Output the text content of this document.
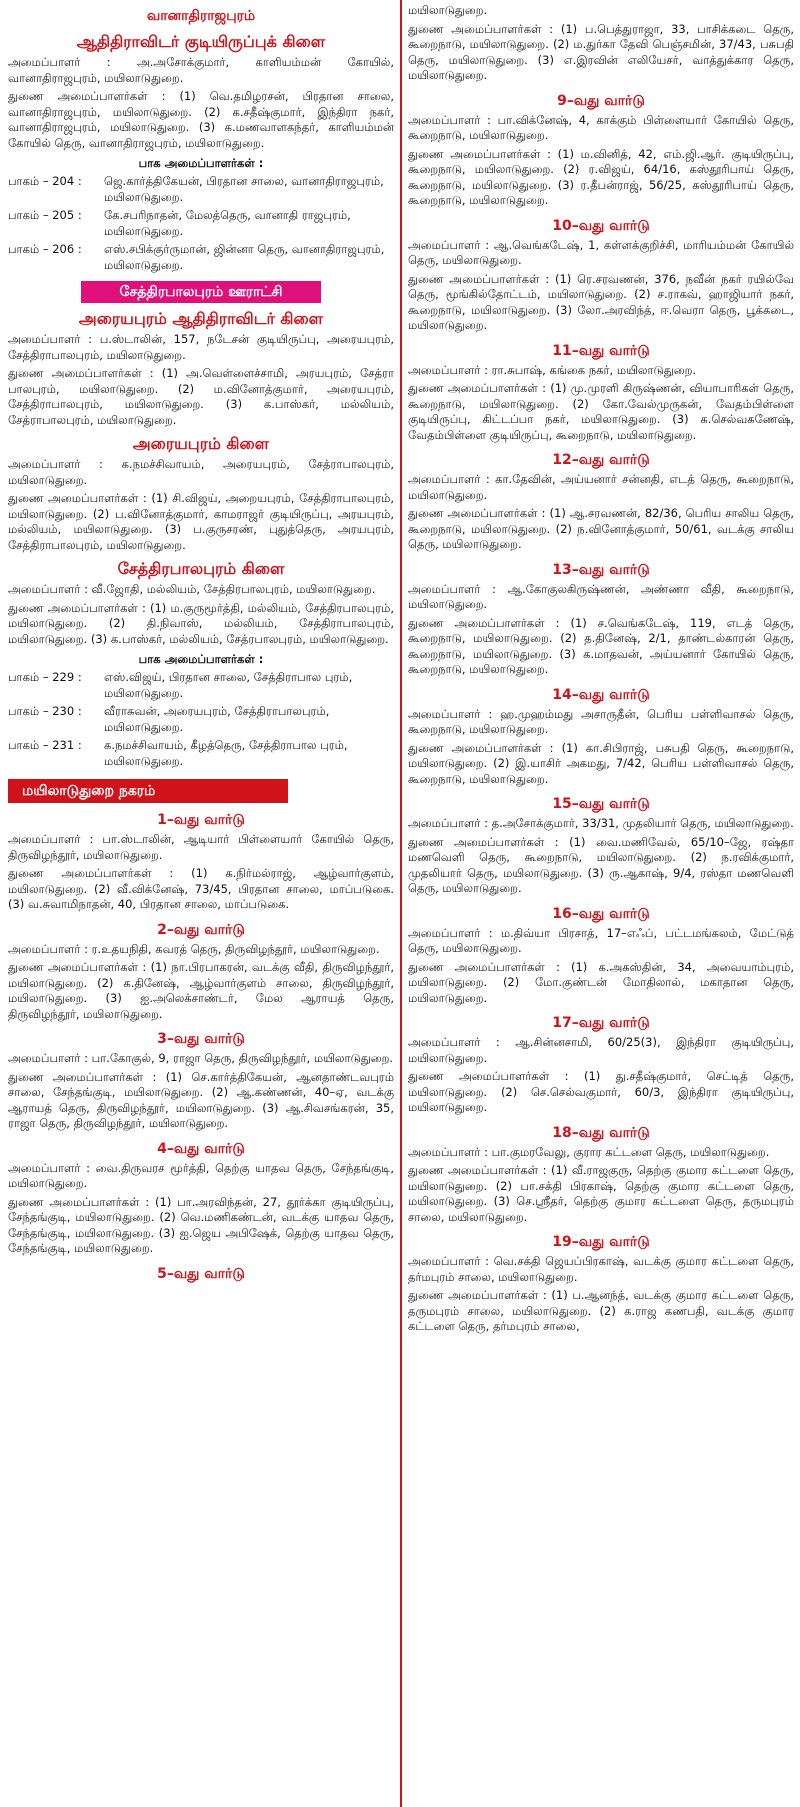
வானாதிராஜபுரம்
ஆதிதிராவிடர் குடியிருப்புக் கிளை

அமைப்பாளர் : அ.அசோக்குமார், காளியம்மன் கோயில், வானாதிராஜபுரம், மயிலாடுதுறை.

துணை அமைப்பாளர்கள் : (1) வெ.தமிழரசன், பிரதான சாலை, வானாதிராஜபுரம், மயிலாடுதுறை. (2) க.சதீஷ்குமார், இந்திரா நகர், வானாதிராஜபுரம், மயிலாடுதுறை. (3) க.மணவாளகந்தர், காளியம்மன் கோயில் தெரு, வானாதிராஜபுரம், மயிலாடுதுறை.

பாக அமைப்பாளர்கள் :
பாகம் – 204 :	ஜெ.கார்த்திகேயன், பிரதான சாலை, வானாதிராஜபுரம், மயிலாடுதுறை.
பாகம் – 205 :	கே.சபரிநாதன், மேலத்தெரு, வானாதி ராஜபுரம், மயிலாடுதுறை.
பாகம் – 206 :	எஸ்.சபிக்குர்ருமான், ஜின்னா தெரு, வானாதிராஜபுரம், மயிலாடுதுறை.
சேத்திரபாலபுரம் ஊராட்சி
அரையபுரம் ஆதிதிராவிடர் கிளை

அமைப்பாளர் : ப.ஸ்டாலின், 157, நடேசன் குடியிருப்பு, அரையபுரம், சேத்திராபாலபுரம், மயிலாடுதுறை.

துணை அமைப்பாளர்கள் : (1) அ.வெள்ளைச்சாமி, அரயபுரம், சேத்ரா பாலபுரம், மயிலாடுதுறை. (2) ம.வினோத்குமார், அரையபுரம், சேத்திராபாலபுரம், மயிலாடுதுறை. (3) க.பாஸ்கர், மல்லியம், சேத்ராபாலபுரம், மயிலாடுதுறை.

அரையபுரம் கிளை

அமைப்பாளர் : க.நமச்சிவாயம், அரையபுரம், சேத்ராபாலபுரம், மயிலாடுதுறை.

துணை அமைப்பாளர்கள் : (1) சி.விஜய், அறையபுரம், சேத்திராபாலபுரம், மயிலாடுதுறை. (2) ப.வினோத்குமார், காமராஜர் குடியிருப்பு, அரயபுரம், மல்லியம், மயிலாடுதுறை. (3) ப.குருசரண், புதுத்தெரு, அரயபுரம், சேத்திராபாலபுரம், மயிலாடுதுறை.

சேத்திரபாலபுரம் கிளை

அமைப்பாளர் : வீ.ஜோதி, மல்லியம், சேத்திரபாலபுரம், மயிலாடுதுறை.

துணை அமைப்பாளர்கள் : (1) ம.குருமூர்த்தி, மல்லியம், சேத்திரபாலபுரம், மயிலாடுதுறை. (2) தி.நிவாஸ், மல்லியம், சேத்திராபாலபுரம், மயிலாடுதுறை. (3) க.பாஸ்கர், மல்லியம், சேத்ரபாலபுரம், மயிலாடுதுறை.

பாக அமைப்பாளர்கள் :
பாகம் – 229 :	எஸ்.விஜய், பிரதான சாலை, சேத்திராபால புரம், மயிலாடுதுறை.
பாகம் – 230 :	வீராசுவன், அரையபுரம், சேத்திராபாலபுரம், மயிலாடுதுறை.
பாகம் – 231 :	க.நமச்சிவாயம், கீழத்தெரு, சேத்திராபால புரம், மயிலாடுதுறை.
மயிலாடுதுறை நகரம்
1–வது வார்டு

அமைப்பாளர் : பா.ஸ்டாலின், ஆடியார் பிள்ளையார் கோயில் தெரு, திருவிழந்தூர், மயிலாடுதுறை.

துணை அமைப்பாளர்கள் : (1) க.நிர்மல்ராஜ், ஆழ்வார்குளம், மயிலாடுதுறை. (2) வீ.விக்னேஷ், 73/45, பிரதான சாலை, மாப்படுகை. (3) வ.சுவாமிநாதன், 40, பிரதான சாலை, மாப்படுகை.

2–வது வார்டு

அமைப்பாளர் : ர.உதயநிதி, கவரத் தெரு, திருவிழந்தூர், மயிலாடுதுறை.

துணை அமைப்பாளர்கள் : (1) நா.பிரபாகரன், வடக்கு வீதி, திருவிழந்தூர், மயிலாடுதுறை. (2) க.தினேஷ், ஆழ்வார்குளம் சாலை, திருவிழந்தூர், மயிலாடுதுறை. (3) ஐ.அலெக்சாண்டர், மேல ஆராயத் தெரு, திருவிழந்தூர், மயிலாடுதுறை.

3–வது வார்டு

அமைப்பாளர் : பா.கோகுல், 9, ராஜா தெரு, திருவிழந்தூர், மயிலாடுதுறை.

துணை அமைப்பாளர்கள் : (1) செ.கார்த்திகேயன், ஆனதாண்டவபுரம் சாலை, சேந்தங்குடி, மயிலாடுதுறை. (2) ஆ.கண்ணன், 40–ஏ, வடக்கு ஆராயத் தெரு, திருவிழந்தூர், மயிலாடுதுறை. (3) ஆ.சிவசங்கரன், 35, ராஜா தெரு, திருவிழந்தூர், மயிலாடுதுறை.

4–வது வார்டு

அமைப்பாளர் : வை.திருவரச மூர்த்தி, தெற்கு யாதவ தெரு, சேந்தங்குடி, மயிலாடுதுறை.

துணை அமைப்பாளர்கள் : (1) பா.அரவிந்தன், 27, தூர்க்கா குடியிருப்பு, சேந்தங்குடி, மயிலாடுதுறை. (2) வெ.மணிகண்டன், வடக்கு யாதவ தெரு, சேந்தங்குடி, மயிலாடுதுறை. (3) ஐ.ஜெய அபிஷேக், தெற்கு யாதவ தெரு, சேந்தங்குடி, மயிலாடுதுறை.

5–வது வார்டு

மயிலாடுதுறை.

துணை அமைப்பாளர்கள் : (1) ப.பெத்துராஜா, 33, பாசிக்கடை தெரு, கூறைநாடு, மயிலாடுதுறை. (2) ம.துர்கா தேவி பெஞ்சமின், 37/43, பசுபதி தெரு, மயிலாடுதுறை. (3) எ.இரவின் எலியேசர், வாத்துக்கார தெரு, மயிலாடுதுறை.

9–வது வார்டு

அமைப்பாளர் : பா.விக்னேஷ், 4, காக்கும் பிள்ளையார் கோயில் தெரு, கூறைநாடு, மயிலாடுதுறை.

துணை அமைப்பாளர்கள் : (1) ம.வினித், 42, எம்.ஜி.ஆர். குடியிருப்பு, கூறைநாடு, மயிலாடுதுறை. (2) ர.விஜய், 64/16, கஸ்தூரிபாய் தெரு, கூறைநாடு, மயிலாடுதுறை. (3) ர.தீபன்ராஜ், 56/25, கஸ்தூரிபாய் தெரு, கூறைநாடு, மயிலாடுதுறை.

10–வது வார்டு

அமைப்பாளர் : ஆ.வெங்கடேஷ், 1, கள்ளக்குறிச்சி, மாரியம்மன் கோயில் தெரு, மயிலாடுதுறை.

துணை அமைப்பாளர்கள் : (1) ரெ.சரவணன், 376, நவீன் நகர் ரயில்வே தெரு, மூங்கில்தோட்டம், மயிலாடுதுறை. (2) ச.ராகவ், ஹாஜியார் நகர், கூறைநாடு, மயிலாடுதுறை. (3) லோ.அரவிந்த், ஈ.வெரா தெரு, பூக்கடை, மயிலாடுதுறை.

11–வது வார்டு

அமைப்பாளர் : ரா.சுபாஷ், கங்கை நகர், மயிலாடுதுறை.

துணை அமைப்பாளர்கள் : (1) மு.முரளி கிருஷ்ணன், வியாபாரிகள் தெரு, கூறைநாடு, மயிலாடுதுறை. (2) கோ.வேல்முருகன், வேதம்பிள்ளை குடியிருப்பு, கிட்டப்பா நகர், மயிலாடுதுறை. (3) க.செல்வகணேஷ், வேதம்பிள்ளை குடியிருப்பு, கூறைநாடு, மயிலாடுதுறை.

12–வது வார்டு

அமைப்பாளர் : கா.தேவின், அய்யனார் சன்னதி, எடத் தெரு, கூறைநாடு, மயிலாடுதுறை.

துணை அமைப்பாளர்கள் : (1) ஆ.சரவணன், 82/36, பெரிய சாலிய தெரு, கூறைநாடு, மயிலாடுதுறை. (2) ந.வினோத்குமார், 50/61, வடக்கு சாலிய தெரு, மயிலாடுதுறை.

13–வது வார்டு

அமைப்பாளர் : ஆ.கோகுலகிருஷ்ணன், அண்ணா வீதி, கூறைநாடு, மயிலாடுதுறை.

துணை அமைப்பாளர்கள் : (1) ச.வெங்கடேஷ், 119, எடத் தெரு, கூறைநாடு, மயிலாடுதுறை. (2) த.தினேஷ், 2/1, தாண்டல்காரன் தெரு, கூறைநாடு, மயிலாடுதுறை. (3) க.மாதவன், அய்யனார் கோயில் தெரு, கூறைநாடு, மயிலாடுதுறை.

14–வது வார்டு

அமைப்பாளர் : ஹ.முஹம்மது அசாருதீன், பெரிய பள்ளிவாசல் தெரு, கூறைநாடு, மயிலாடுதுறை.

துணை அமைப்பாளர்கள் : (1) கா.சிபிராஜ், பசுபதி தெரு, கூறைநாடு, மயிலாடுதுறை. (2) இ.யாசிர் அகமது, 7/42, பெரிய பள்ளிவாசல் தெரு, கூறைநாடு, மயிலாடுதுறை.

15–வது வார்டு

அமைப்பாளர் : த.அசோக்குமார், 33/31, முதலியார் தெரு, மயிலாடுதுறை.

துணை அமைப்பாளர்கள் : (1) வை.மணிவேல், 65/10–ஜே, ரஷ்தா மணவெளி தெரு, கூறைநாடு, மயிலாடுதுறை. (2) ந.ரவிக்குமார், முதலியார் தெரு, மயிலாடுதுறை. (3) ரு.ஆகாஷ், 9/4, ரஸ்தா மணவெளி தெரு, மயிலாடுதுறை.

16–வது வார்டு

அமைப்பாளர் : ம.திவ்யா பிரசாத், 17–எஃப், பட்டமங்கலம், மேட்டுத் தெரு, மயிலாடுதுறை.

துணை அமைப்பாளர்கள் : (1) க.அகஸ்தின், 34, அவையாம்புரம், மயிலாடுதுறை. (2) மோ.குண்டன் மோதிலால், மகாதான தெரு, மயிலாடுதுறை.

17–வது வார்டு

அமைப்பாளர் : ஆ.சின்னசாமி, 60/25(3), இந்திரா குடியிருப்பு, மயிலாடுதுறை.

துணை அமைப்பாளர்கள் : (1) து.சதீஷ்குமார், செட்டித் தெரு, மயிலாடுதுறை. (2) செ.செல்வகுமார், 60/3, இந்திரா குடியிருப்பு, மயிலாடுதுறை.

18–வது வார்டு

அமைப்பாளர் : பா.குமரவேலு, குரார கட்டளை தெரு, மயிலாடுதுறை.

துணை அமைப்பாளர்கள் : (1) வீ.ராஜகுரு, தெற்கு குமார கட்டளை தெரு, மயிலாடுதுறை. (2) பா.சக்தி பிரகாஷ், தெற்கு குமார கட்டளை தெரு, மயிலாடுதுறை. (3) செ.ஸ்ரீதர், தெற்கு குமார கட்டளை தெரு, தருமபுரம் சாலை, மயிலாடுதுறை.

19–வது வார்டு

அமைப்பாளர் : வெ.சக்தி ஜெயப்பிரகாஷ், வடக்கு குமார கட்டளை தெரு, தர்மபுரம் சாலை, மயிலாடுதுறை.

துணை அமைப்பாளர்கள் : (1) ப.ஆனந்த், வடக்கு குமார கட்டளை தெரு, தருமபுரம் சாலை, மயிலாடுதுறை. (2) க.ராஜ கணபதி, வடக்கு குமார கட்டளை தெரு, தர்மபுரம் சாலை,
